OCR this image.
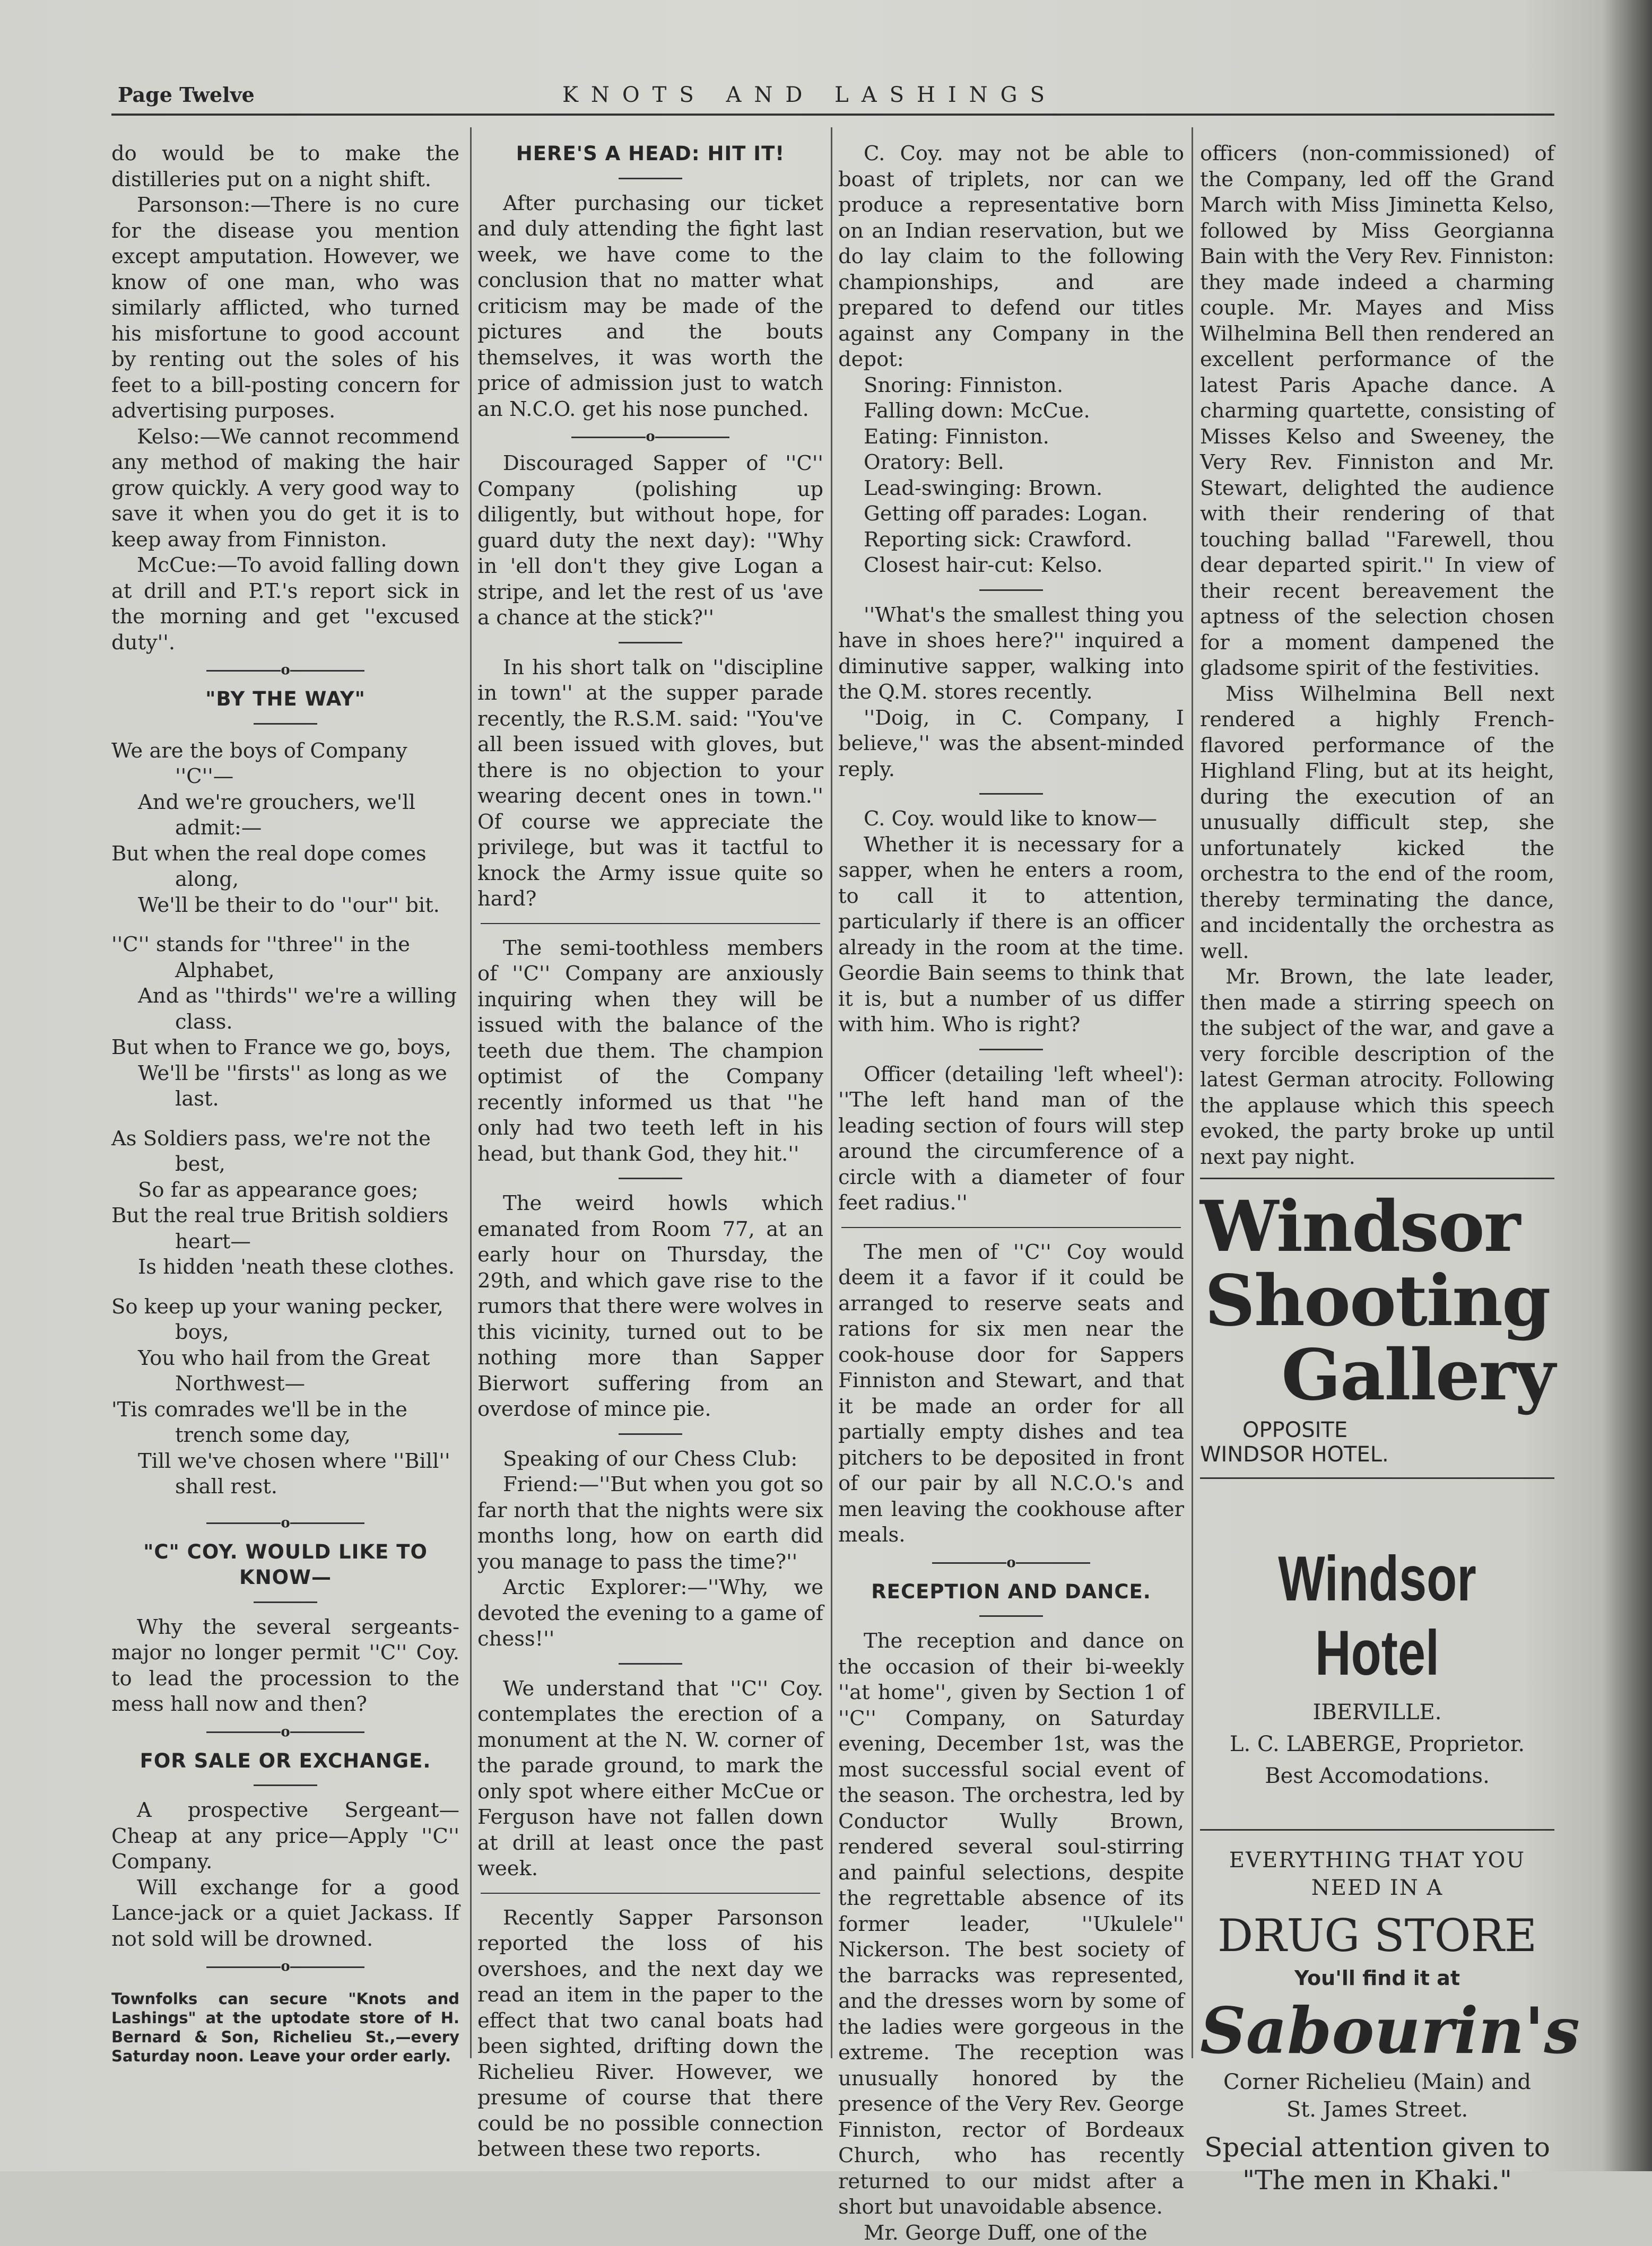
Page Twelve	KNOTS AND LASHINGS

do would be to make the distilleries put on a night shift.

Parsonson:—There is no cure for the disease you mention except amputation. However, we know of one man, who was similarly afflicted, who turned his misfortune to good account by renting out the soles of his feet to a bill-posting concern for advertising purposes.

Kelso:—We cannot recommend any method of making the hair grow quickly. A very good way to save it when you do get it is to keep away from Finniston.

McCue:—To avoid falling down at drill and P.T.'s report sick in the morning and get ''excused duty''.

o
"BY THE WAY"
We are the boys of Company
''C''—
And we're grouchers, we'll
admit:—
But when the real dope comes
along,
We'll be their to do ''our'' bit.
''C'' stands for ''three'' in the
Alphabet,
And as ''thirds'' we're a willing
class.
But when to France we go, boys,
We'll be ''firsts'' as long as we
last.
As Soldiers pass, we're not the
best,
So far as appearance goes;
But the real true British soldiers
heart—
Is hidden 'neath these clothes.
So keep up your waning pecker,
boys,
You who hail from the Great
Northwest—
'Tis comrades we'll be in the
trench some day,
Till we've chosen where ''Bill''
shall rest.
o
"C" COY. WOULD LIKE TO KNOW—

Why the several sergeants-major no longer permit ''C'' Coy. to lead the procession to the mess hall now and then?

o
FOR SALE OR EXCHANGE.

A prospective Sergeant—Cheap at any price—Apply ''C'' Company.

Will exchange for a good Lance-jack or a quiet Jackass. If not sold will be drowned.

o
Townfolks can secure "Knots and Lashings" at the uptodate store of H. Bernard & Son, Richelieu St.,—every Saturday noon. Leave your order early.
HERE'S A HEAD: HIT IT!

After purchasing our ticket and duly attending the fight last week, we have come to the conclusion that no matter what criticism may be made of the pictures and the bouts themselves, it was worth the price of admission just to watch an N.C.O. get his nose punched.

o

Discouraged Sapper of ''C'' Company (polishing up diligently, but without hope, for guard duty the next day): ''Why in 'ell don't they give Logan a stripe, and let the rest of us 'ave a chance at the stick?''

In his short talk on ''discipline in town'' at the supper parade recently, the R.S.M. said: ''You've all been issued with gloves, but there is no objection to your wearing decent ones in town.'' Of course we appreciate the privilege, but was it tactful to knock the Army issue quite so hard?

The semi-toothless members of ''C'' Company are anxiously inquiring when they will be issued with the balance of the teeth due them. The champion optimist of the Company recently informed us that ''he only had two teeth left in his head, but thank God, they hit.''

The weird howls which emanated from Room 77, at an early hour on Thursday, the 29th, and which gave rise to the rumors that there were wolves in this vicinity, turned out to be nothing more than Sapper Bierwort suffering from an overdose of mince pie.

Speaking of our Chess Club:

Friend:—''But when you got so far north that the nights were six months long, how on earth did you manage to pass the time?''

Arctic Explorer:—''Why, we devoted the evening to a game of chess!''

We understand that ''C'' Coy. contemplates the erection of a monument at the N. W. corner of the parade ground, to mark the only spot where either McCue or Ferguson have not fallen down at drill at least once the past week.

Recently Sapper Parsonson reported the loss of his overshoes, and the next day we read an item in the paper to the effect that two canal boats had been sighted, drifting down the Richelieu River. However, we presume of course that there could be no possible connection between these two reports.

C. Coy. may not be able to boast of triplets, nor can we produce a representative born on an Indian reservation, but we do lay claim to the following championships, and are prepared to defend our titles against any Company in the depot:

Snoring: Finniston.
Falling down: McCue.
Eating: Finniston.
Oratory: Bell.
Lead-swinging: Brown.
Getting off parades: Logan.
Reporting sick: Crawford.
Closest hair-cut: Kelso.

''What's the smallest thing you have in shoes here?'' inquired a diminutive sapper, walking into the Q.M. stores recently.

''Doig, in C. Company, I believe,'' was the absent-minded reply.

C. Coy. would like to know—

Whether it is necessary for a sapper, when he enters a room, to call it to attention, particularly if there is an officer already in the room at the time. Geordie Bain seems to think that it is, but a number of us differ with him. Who is right?

Officer (detailing 'left wheel'): ''The left hand man of the leading section of fours will step around the circumference of a circle with a diameter of four feet radius.''

The men of ''C'' Coy would deem it a favor if it could be arranged to reserve seats and rations for six men near the cook-house door for Sappers Finniston and Stewart, and that it be made an order for all partially empty dishes and tea pitchers to be deposited in front of our pair by all N.C.O.'s and men leaving the cookhouse after meals.

o
RECEPTION AND DANCE.

The reception and dance on the occasion of their bi-weekly ''at home'', given by Section 1 of ''C'' Company, on Saturday evening, December 1st, was the most successful social event of the season. The orchestra, led by Conductor Wully Brown, rendered several soul-stirring and painful selections, despite the regrettable absence of its former leader, ''Ukulele'' Nickerson. The best society of the barracks was represented, and the dresses worn by some of the ladies were gorgeous in the extreme. The reception was unusually honored by the presence of the Very Rev. George Finniston, rector of Bordeaux Church, who has recently returned to our midst after a short but unavoidable absence.

Mr. George Duff, one of the

officers (non-commissioned) of the Company, led off the Grand March with Miss Jiminetta Kelso, followed by Miss Georgianna Bain with the Very Rev. Finniston: they made indeed a charming couple. Mr. Mayes and Miss Wilhelmina Bell then rendered an excellent performance of the latest Paris Apache dance. A charming quartette, consisting of Misses Kelso and Sweeney, the Very Rev. Finniston and Mr. Stewart, delighted the audience with their rendering of that touching ballad ''Farewell, thou dear departed spirit.'' In view of their recent bereavement the aptness of the selection chosen for a moment dampened the gladsome spirit of the festivities.

Miss Wilhelmina Bell next rendered a highly French-flavored performance of the Highland Fling, but at its height, during the execution of an unusually difficult step, she unfortunately kicked the orchestra to the end of the room, thereby terminating the dance, and incidentally the orchestra as well.

Mr. Brown, the late leader, then made a stirring speech on the subject of the war, and gave a very forcible description of the latest German atrocity. Following the applause which this speech evoked, the party broke up until next pay night.

Windsor
Shooting
Gallery
OPPOSITE
WINDSOR HOTEL.
Windsor Hotel
IBERVILLE.
L. C. LABERGE, Proprietor.
Best Accomodations.
EVERYTHING THAT YOU
NEED IN A
DRUG STORE
You'll find it at
Sabourin's
Corner Richelieu (Main) and
St. James Street.
Special attention given to
"The men in Khaki."
